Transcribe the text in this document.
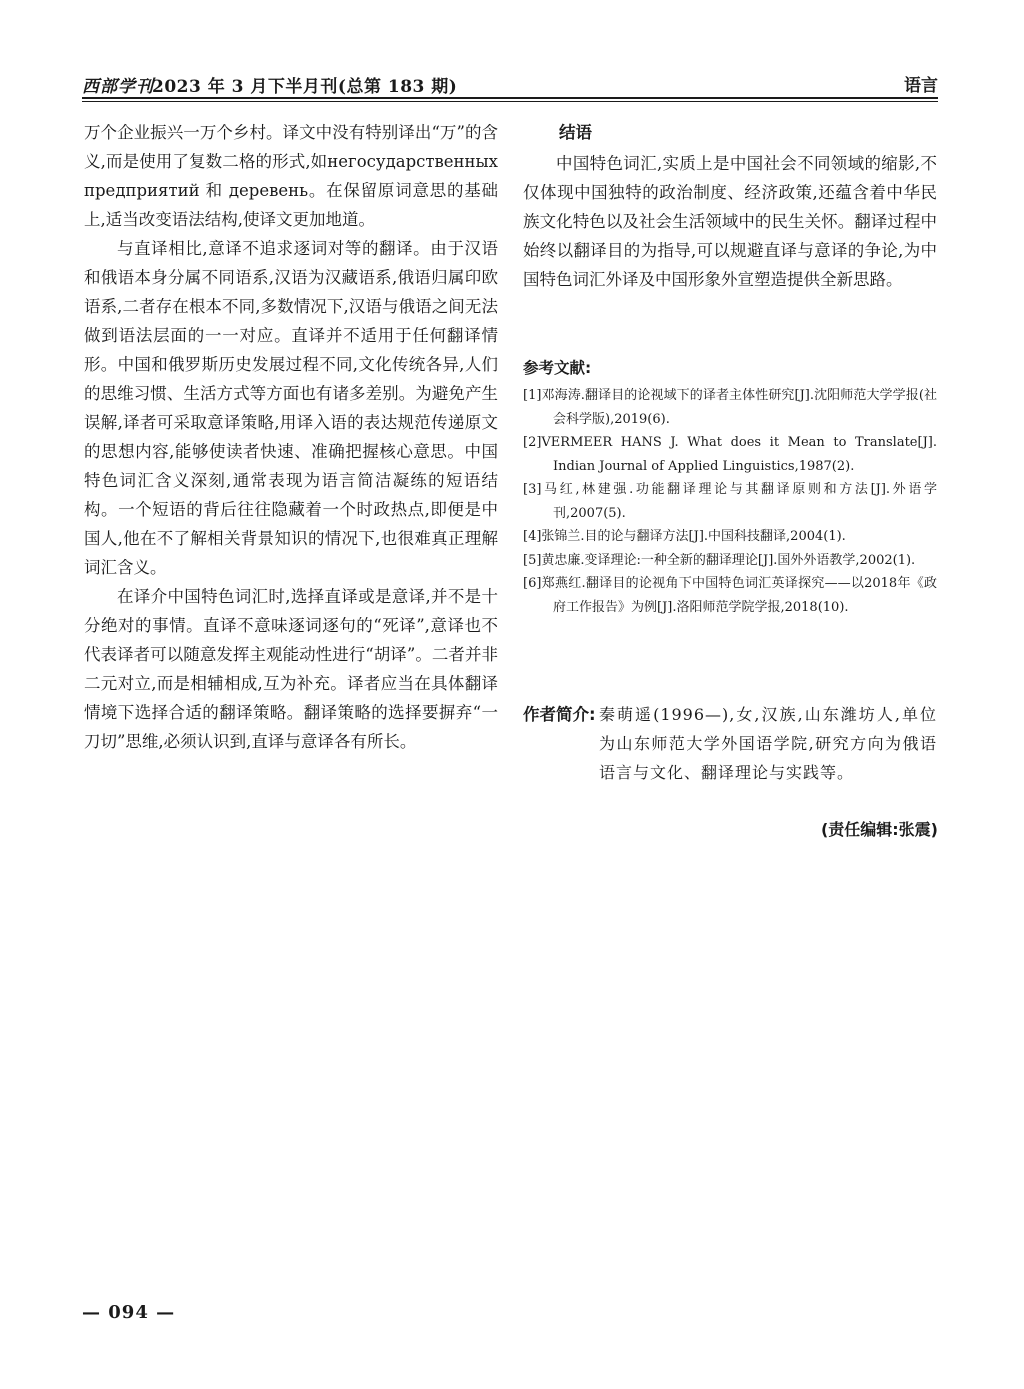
西部学刊
2023 年 3 月下半月刊(总第 183 期)	语言

万个企业振兴一万个乡村。译文中没有特别译出“万”的含义,而是使用了复数二格的形式,如негосударственных предприятий 和 деревень。在保留原词意思的基础上,适当改变语法结构,使译文更加地道。

与直译相比,意译不追求逐词对等的翻译。由于汉语和俄语本身分属不同语系,汉语为汉藏语系,俄语归属印欧语系,二者存在根本不同,多数情况下,汉语与俄语之间无法做到语法层面的一一对应。直译并不适用于任何翻译情形。中国和俄罗斯历史发展过程不同,文化传统各异,人们的思维习惯、生活方式等方面也有诸多差别。为避免产生误解,译者可采取意译策略,用译入语的表达规范传递原文的思想内容,能够使读者快速、准确把握核心意思。中国特色词汇含义深刻,通常表现为语言简洁凝练的短语结构。一个短语的背后往往隐藏着一个时政热点,即便是中国人,他在不了解相关背景知识的情况下,也很难真正理解词汇含义。

在译介中国特色词汇时,选择直译或是意译,并不是十分绝对的事情。直译不意味逐词逐句的“死译”,意译也不代表译者可以随意发挥主观能动性进行“胡译”。二者并非二元对立,而是相辅相成,互为补充。译者应当在具体翻译情境下选择合适的翻译策略。翻译策略的选择要摒弃“一刀切”思维,必须认识到,直译与意译各有所长。

结语

中国特色词汇,实质上是中国社会不同领域的缩影,不仅体现中国独特的政治制度、经济政策,还蕴含着中华民族文化特色以及社会生活领域中的民生关怀。翻译过程中始终以翻译目的为指导,可以规避直译与意译的争论,为中国特色词汇外译及中国形象外宣塑造提供全新思路。

参考文献:
[1]邓海涛.翻译目的论视域下的译者主体性研究[J].沈阳师范大学学报(社会科学版),2019(6).
[2]VERMEER HANS J. What does it Mean to Translate[J]. Indian Journal of Applied Linguistics,1987(2).
[3]马红,林建强.功能翻译理论与其翻译原则和方法[J].外语学刊,2007(5).
[4]张锦兰.目的论与翻译方法[J].中国科技翻译,2004(1).
[5]黄忠廉.变译理论:一种全新的翻译理论[J].国外外语教学,2002(1).
[6]郑燕红.翻译目的论视角下中国特色词汇英译探究——以2018年《政府工作报告》为例[J].洛阳师范学院学报,2018(10).
作者简介: 秦萌遥(1996—),女,汉族,山东潍坊人,单位为山东师范大学外国语学院,研究方向为俄语语言与文化、翻译理论与实践等。
(责任编辑:张震)
— 094 —
